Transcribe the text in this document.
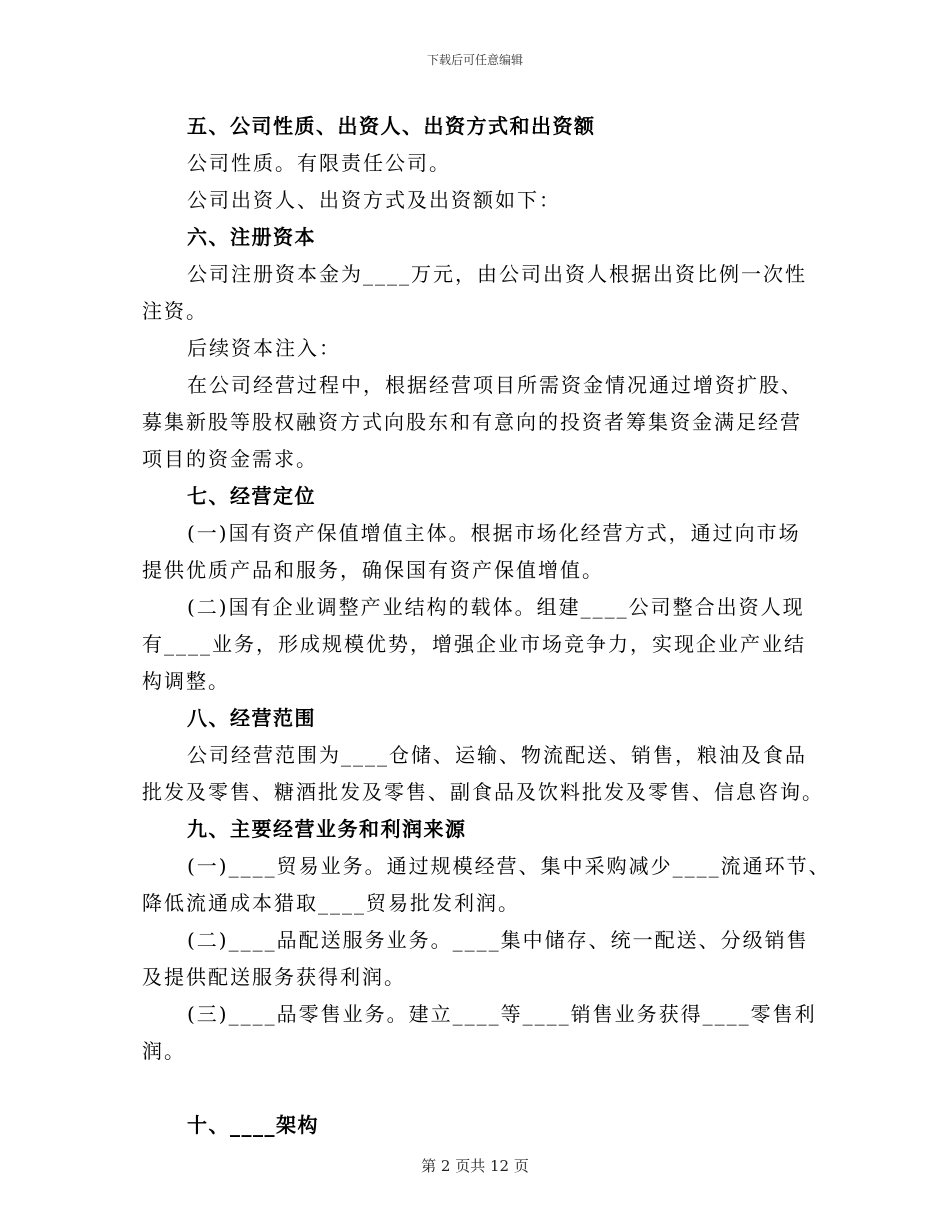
下载后可任意编辑
五、公司性质、出资人、出资方式和出资额
公司性质。有限责任公司。
公司出资人、出资方式及出资额如下：
六、注册资本
公司注册资本金为____万元，由公司出资人根据出资比例一次性
注资。
后续资本注入：
在公司经营过程中，根据经营项目所需资金情况通过增资扩股、
募集新股等股权融资方式向股东和有意向的投资者筹集资金满足经营
项目的资金需求。
七、经营定位
(一)国有资产保值增值主体。根据市场化经营方式，通过向市场
提供优质产品和服务，确保国有资产保值增值。
(二)国有企业调整产业结构的载体。组建____公司整合出资人现
有____业务，形成规模优势，增强企业市场竞争力，实现企业产业结
构调整。
八、经营范围
公司经营范围为____仓储、运输、物流配送、销售，粮油及食品
批发及零售、糖酒批发及零售、副食品及饮料批发及零售、信息咨询。
九、主要经营业务和利润来源
(一)____贸易业务。通过规模经营、集中采购减少____流通环节、
降低流通成本猎取____贸易批发利润。
(二)____品配送服务业务。____集中储存、统一配送、分级销售
及提供配送服务获得利润。
(三)____品零售业务。建立____等____销售业务获得____零售利
润。
十、____架构
第 2 页共 12 页
